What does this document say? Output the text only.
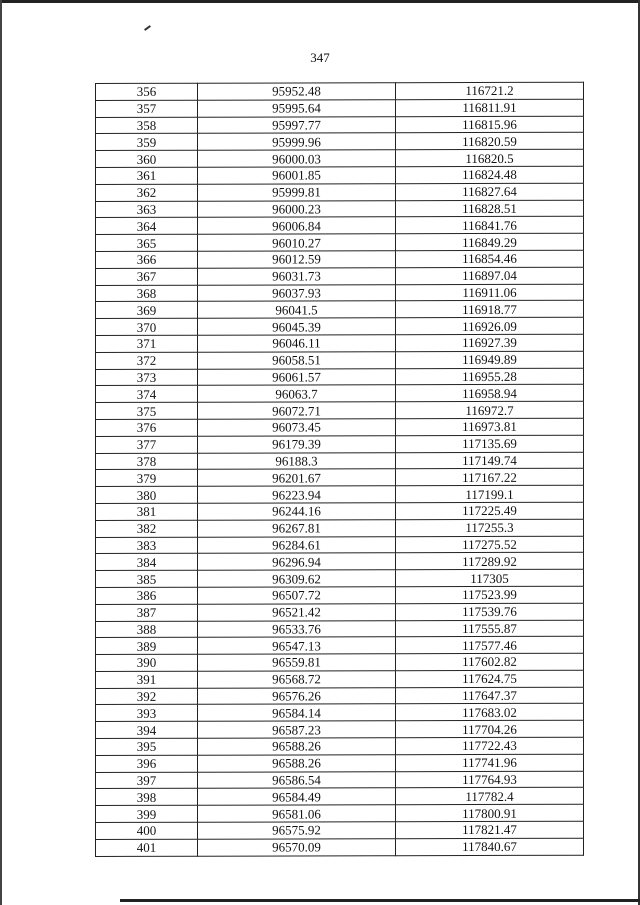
347
356	95952.48	116721.2
357	95995.64	116811.91
358	95997.77	116815.96
359	95999.96	116820.59
360	96000.03	116820.5
361	96001.85	116824.48
362	95999.81	116827.64
363	96000.23	116828.51
364	96006.84	116841.76
365	96010.27	116849.29
366	96012.59	116854.46
367	96031.73	116897.04
368	96037.93	116911.06
369	96041.5	116918.77
370	96045.39	116926.09
371	96046.11	116927.39
372	96058.51	116949.89
373	96061.57	116955.28
374	96063.7	116958.94
375	96072.71	116972.7
376	96073.45	116973.81
377	96179.39	117135.69
378	96188.3	117149.74
379	96201.67	117167.22
380	96223.94	117199.1
381	96244.16	117225.49
382	96267.81	117255.3
383	96284.61	117275.52
384	96296.94	117289.92
385	96309.62	117305
386	96507.72	117523.99
387	96521.42	117539.76
388	96533.76	117555.87
389	96547.13	117577.46
390	96559.81	117602.82
391	96568.72	117624.75
392	96576.26	117647.37
393	96584.14	117683.02
394	96587.23	117704.26
395	96588.26	117722.43
396	96588.26	117741.96
397	96586.54	117764.93
398	96584.49	117782.4
399	96581.06	117800.91
400	96575.92	117821.47
401	96570.09	117840.67
